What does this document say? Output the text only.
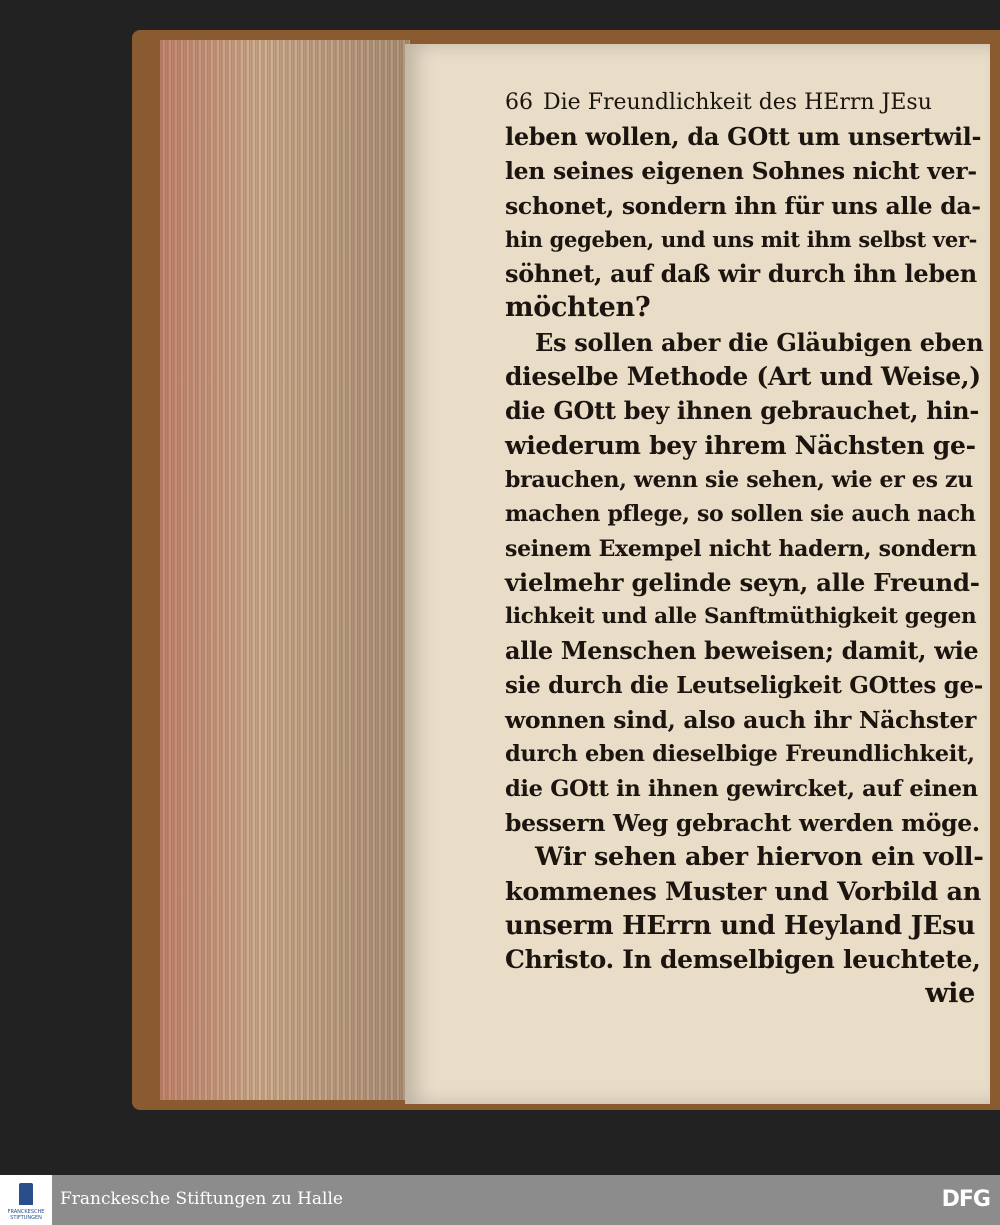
66 Die Freundlichkeit des HErrn JEsu
leben wollen, da GOtt um unsertwil-
len seines eigenen Sohnes nicht ver-
schonet, sondern ihn für uns alle da-
hin gegeben, und uns mit ihm selbst ver-
söhnet, auf daß wir durch ihn leben
möchten?
Es sollen aber die Gläubigen eben
dieselbe Methode (Art und Weise,)
die GOtt bey ihnen gebrauchet, hin-
wiederum bey ihrem Nächsten ge-
brauchen, wenn sie sehen, wie er es zu
machen pflege, so sollen sie auch nach
seinem Exempel nicht hadern, sondern
vielmehr gelinde seyn, alle Freund-
lichkeit und alle Sanftmüthigkeit gegen
alle Menschen beweisen; damit, wie
sie durch die Leutseligkeit GOttes ge-
wonnen sind, also auch ihr Nächster
durch eben dieselbige Freundlichkeit,
die GOtt in ihnen gewircket, auf einen
bessern Weg gebracht werden möge.
Wir sehen aber hiervon ein voll-
kommenes Muster und Vorbild an
unserm HErrn und Heyland JEsu
Christo. In demselbigen leuchtete,
wie
FRANCKESCHE STIFTUNGEN
Franckesche Stiftungen zu Halle	DFG
